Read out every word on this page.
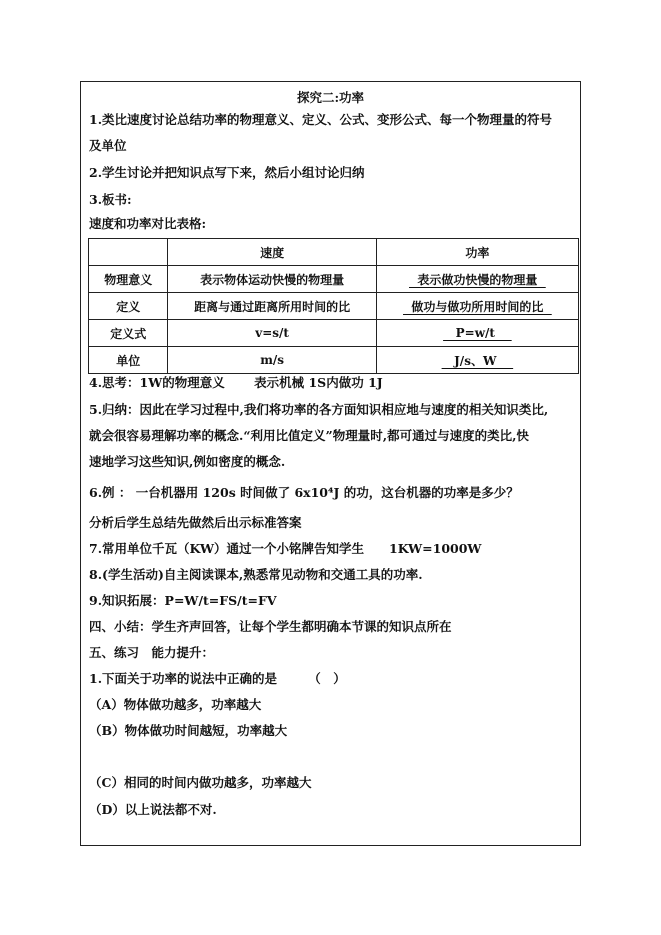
探究二:功率
1.类比速度讨论总结功率的物理意义、定义、公式、变形公式、每一个物理量的符号
及单位
2.学生讨论并把知识点写下来，然后小组讨论归纳
3.板书:
速度和功率对比表格:
	速度	功率
物理意义	表示物体运动快慢的物理量	表示做功快慢的物理量
定义	距离与通过距离所用时间的比	做功与做功所用时间的比
定义式	v=s/t	P=w/t
单位	m/s	J/s、W
4.思考：1W的物理意义　　 表示机械 1S内做功 1J
5.归纳：因此在学习过程中,我们将功率的各方面知识相应地与速度的相关知识类比,
就会很容易理解功率的概念.“利用比值定义”物理量时,都可通过与速度的类比,快
速地学习这些知识,例如密度的概念.
6.例 ： 一台机器用 120s 时间做了 6x10⁴J 的功，这台机器的功率是多少？
分析后学生总结先做然后出示标准答案
7.常用单位千瓦（KW）通过一个小铭牌告知学生　　1KW=1000W
8.(学生活动)自主阅读课本,熟悉常见动物和交通工具的功率.
9.知识拓展：P=W/t=FS/t=FV
四、小结：学生齐声回答，让每个学生都明确本节课的知识点所在
五、练习　能力提升：
1.下面关于功率的说法中正确的是　　　（　）
（A）物体做功越多，功率越大
（B）物体做功时间越短，功率越大
（C）相同的时间内做功越多，功率越大
（D）以上说法都不对.
